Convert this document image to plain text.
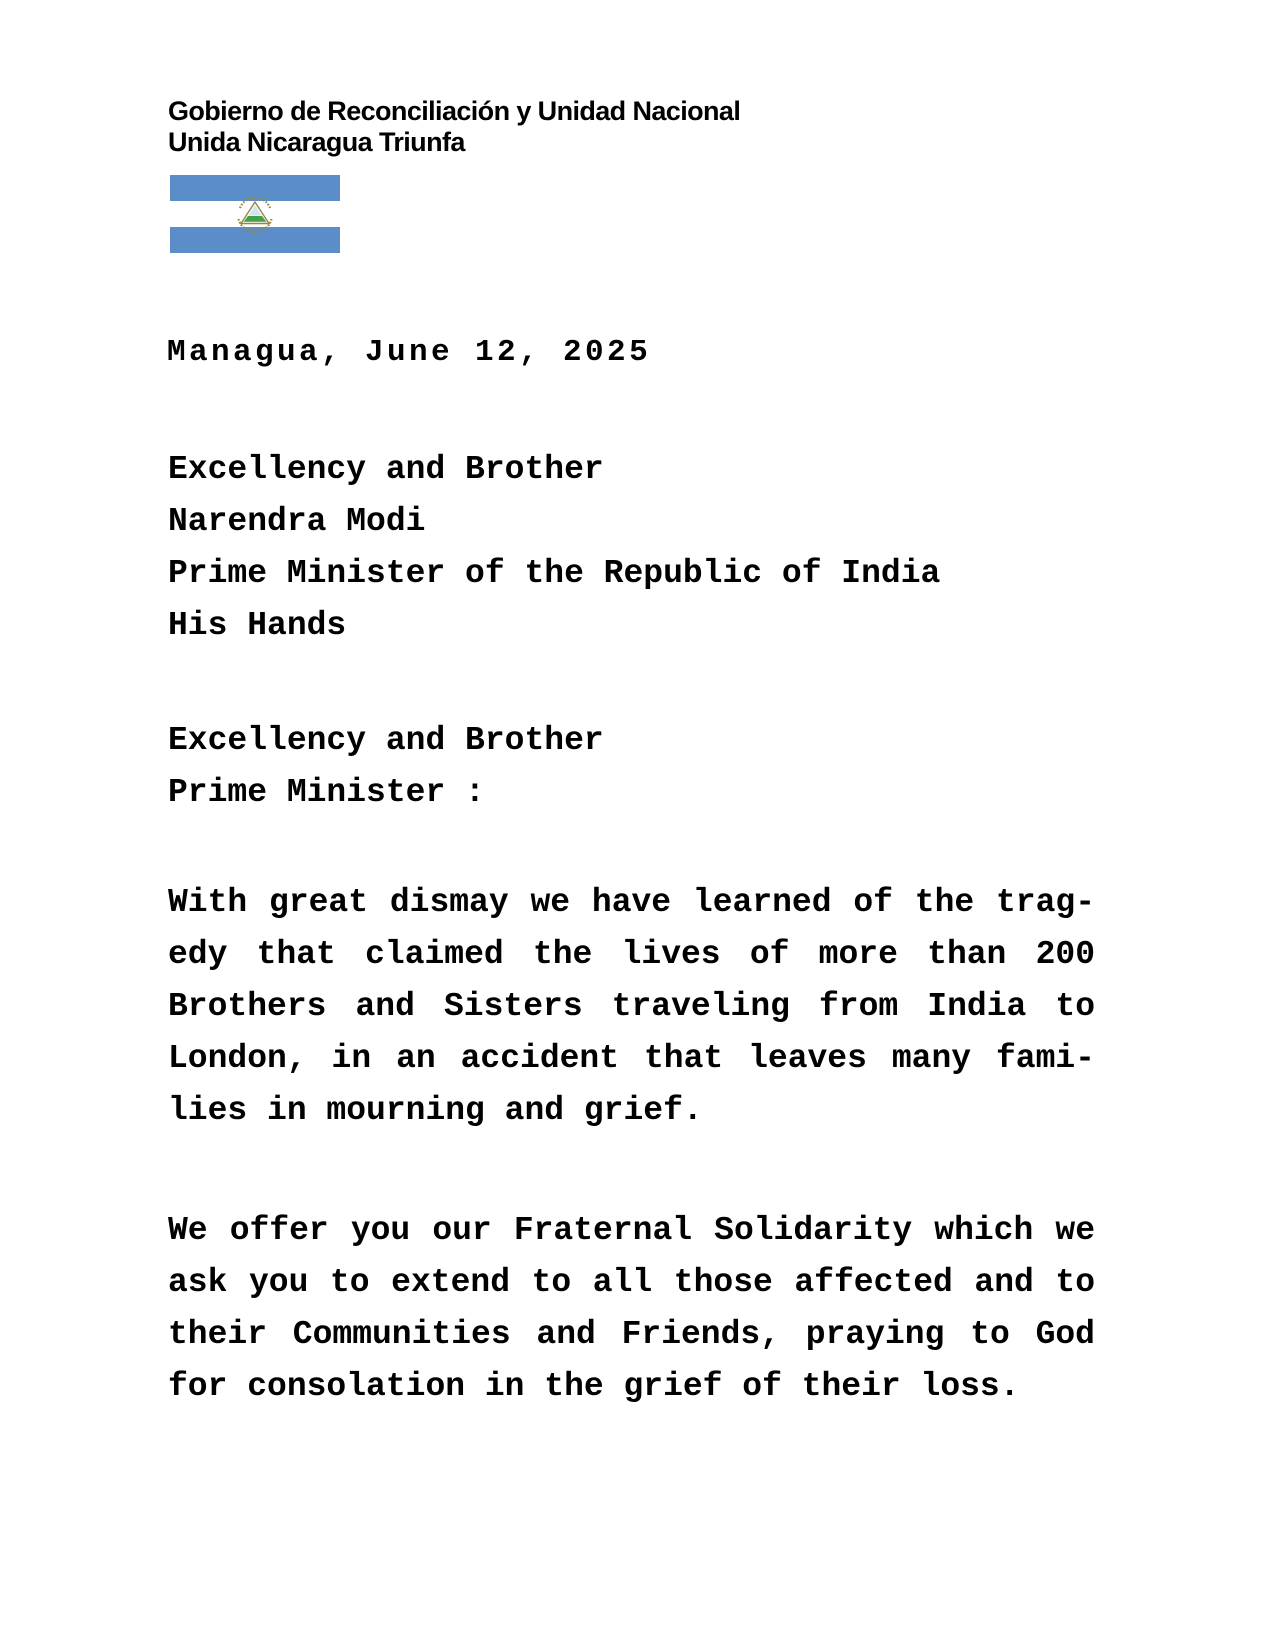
Gobierno de Reconciliación y Unidad Nacional
Unida Nicaragua Triunfa
Managua, June 12, 2025
Excellency and Brother
Narendra Modi
Prime Minister of the Republic of India
His Hands
Excellency and Brother
Prime Minister :
With great dismay we have learned of the trag-
edy that claimed the lives of more than 200
Brothers and Sisters traveling from India to
London, in an accident that leaves many fami-
lies in mourning and grief.
We offer you our Fraternal Solidarity which we
ask you to extend to all those affected and to
their Communities and Friends, praying to God
for consolation in the grief of their loss.
